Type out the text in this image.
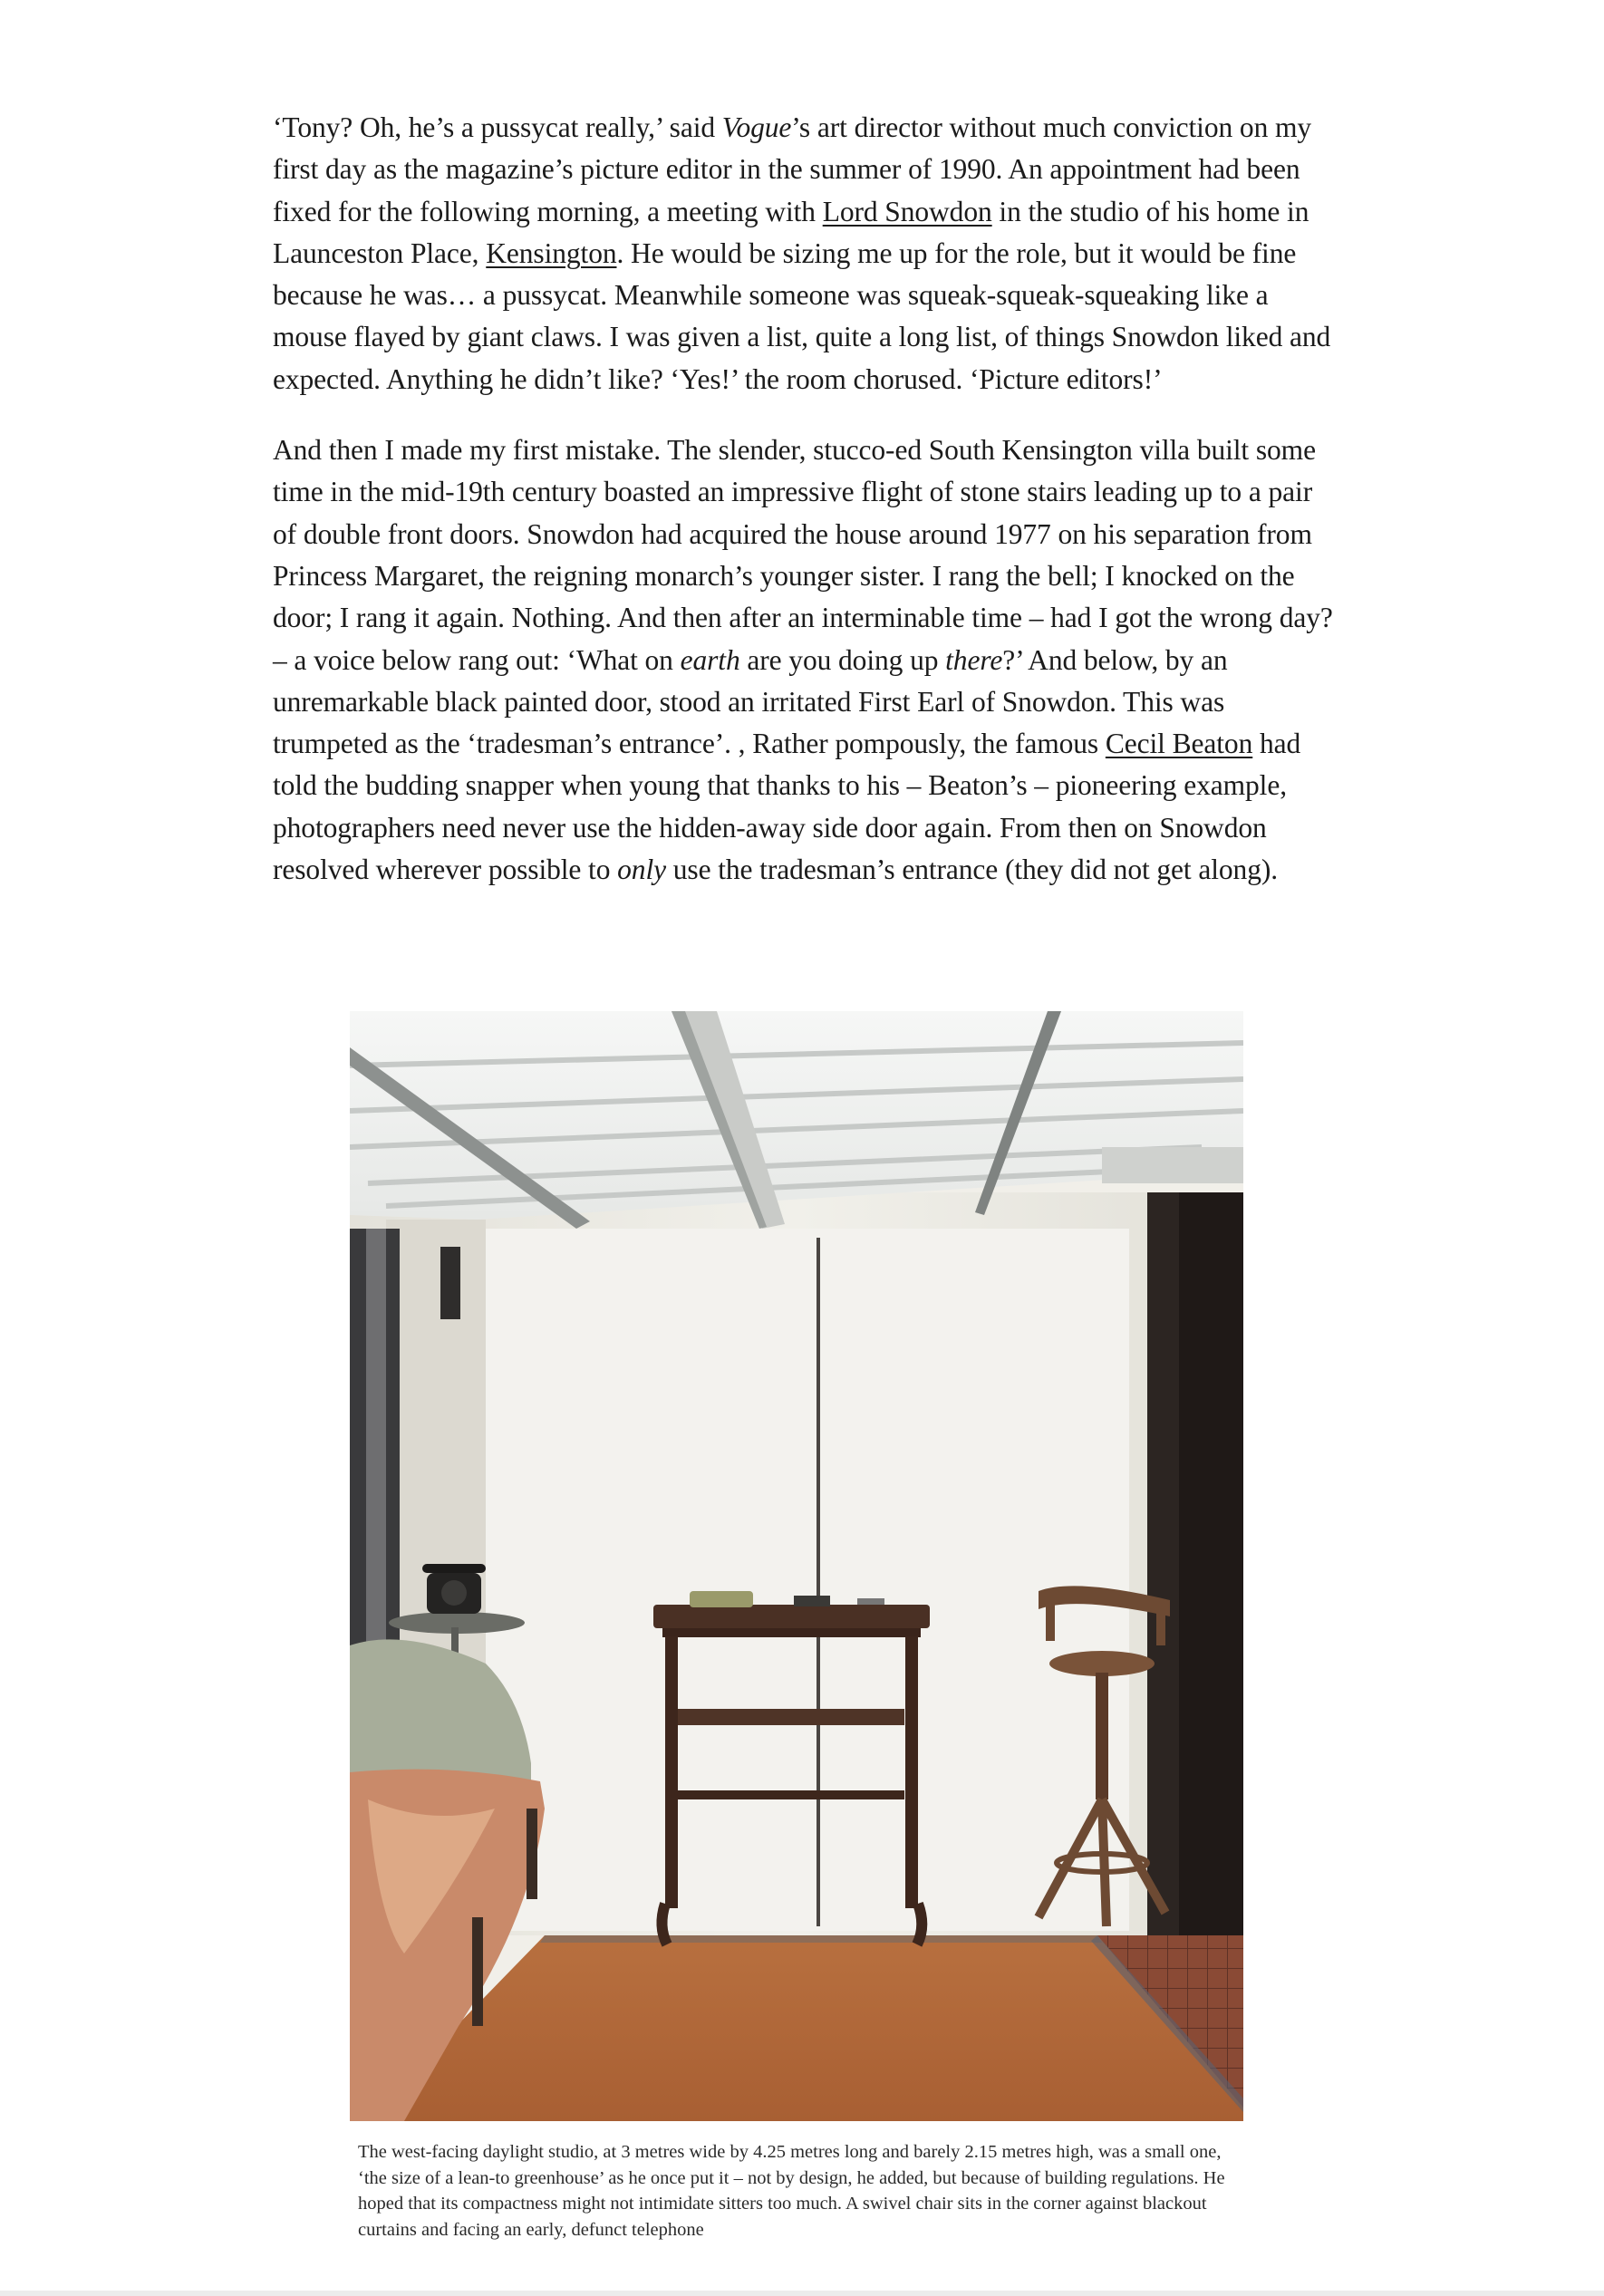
‘Tony? Oh, he’s a pussycat really,’ said Vogue’s art director without much conviction on my first day as the magazine’s picture editor in the summer of 1990. An appointment had been fixed for the following morning, a meeting with Lord Snowdon in the studio of his home in Launceston Place, Kensington. He would be sizing me up for the role, but it would be fine because he was… a pussycat. Meanwhile someone was squeak-squeak-squeaking like a mouse flayed by giant claws. I was given a list, quite a long list, of things Snowdon liked and expected. Anything he didn’t like? ‘Yes!’ the room chorused. ‘Picture editors!’

And then I made my first mistake. The slender, stucco-ed South Kensington villa built some time in the mid-19th century boasted an impressive flight of stone stairs leading up to a pair of double front doors. Snowdon had acquired the house around 1977 on his separation from Princess Margaret, the reigning monarch’s younger sister. I rang the bell; I knocked on the door; I rang it again. Nothing. And then after an interminable time – had I got the wrong day? – a voice below rang out: ‘What on earth are you doing up there?’ And below, by an unremarkable black painted door, stood an irritated First Earl of Snowdon. This was trumpeted as the ‘tradesman’s entrance’. , Rather pompously, the famous Cecil Beaton had told the budding snapper when young that thanks to his – Beaton’s – pioneering example, photographers need never use the hidden-away side door again. From then on Snowdon resolved wherever possible to only use the tradesman’s entrance (they did not get along).

The west-facing daylight studio, at 3 metres wide by 4.25 metres long and barely 2.15 metres high, was a small one, ‘the size of a lean-to greenhouse’ as he once put it – not by design, he added, but because of building regulations. He hoped that its compactness might not intimidate sitters too much. A swivel chair sits in the corner against blackout curtains and facing an early, defunct telephone
